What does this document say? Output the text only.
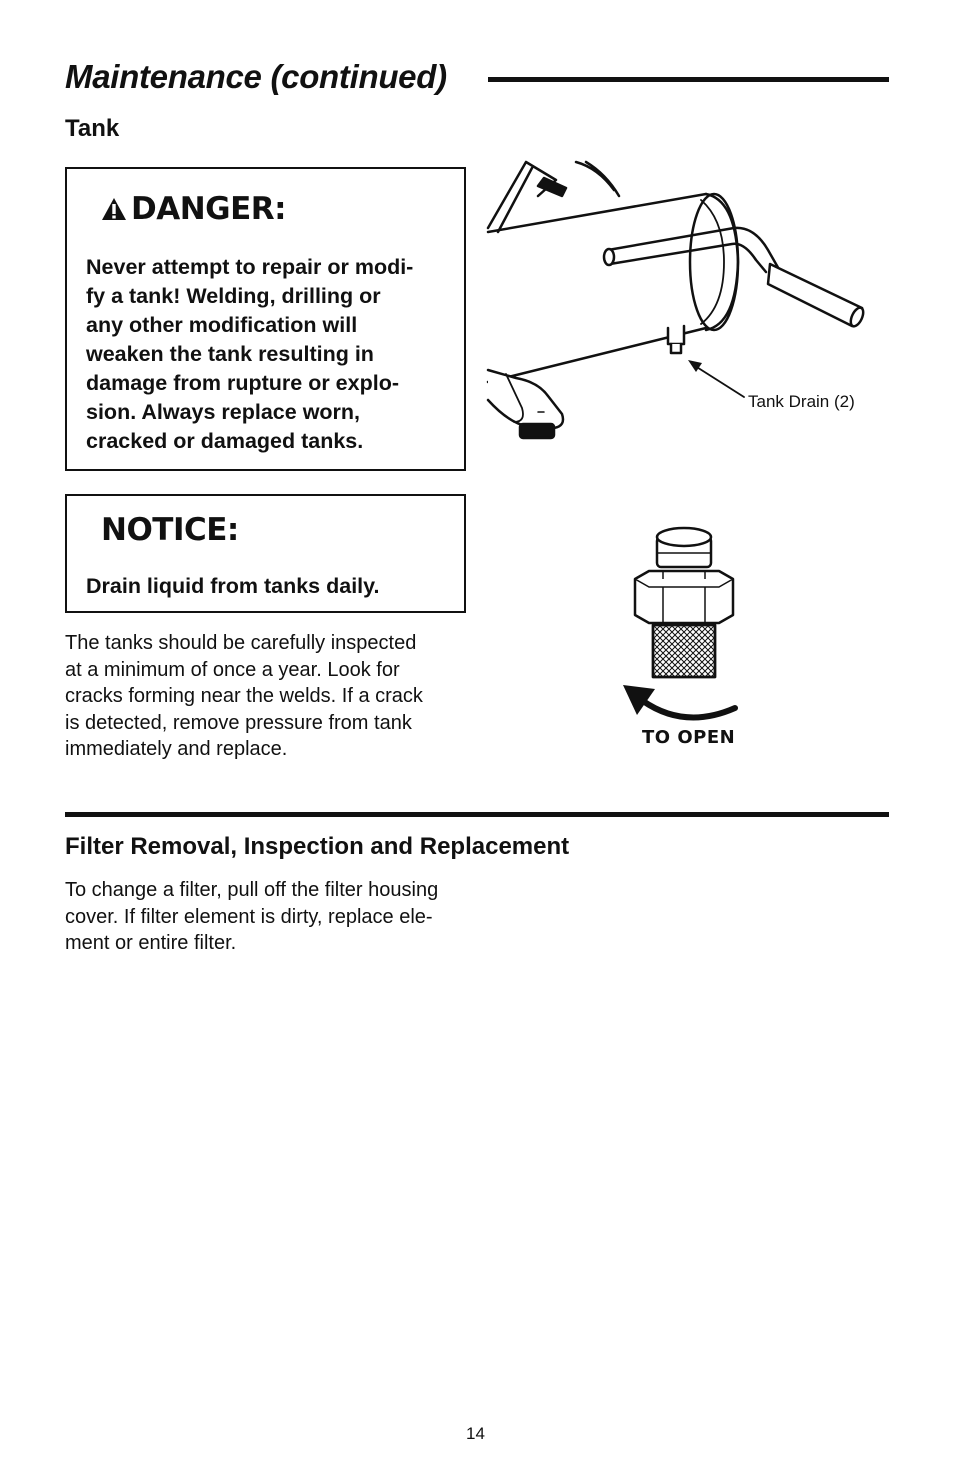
Maintenance (continued)
Tank
DANGER:
Never attempt to repair or modi-
fy a tank! Welding, drilling or
any other modification will
weaken the tank resulting in
damage from rupture or explo-
sion. Always replace worn,
cracked or damaged tanks.
NOTICE:
Drain liquid from tanks daily.
The tanks should be carefully inspected
at a minimum of once a year. Look for
cracks forming near the welds. If a crack
is detected, remove pressure from tank
immediately and replace.
Tank Drain (2)
TO OPEN
Filter Removal, Inspection and Replacement
To change a filter, pull off the filter housing
cover. If filter element is dirty, replace ele-
ment or entire filter.
14
